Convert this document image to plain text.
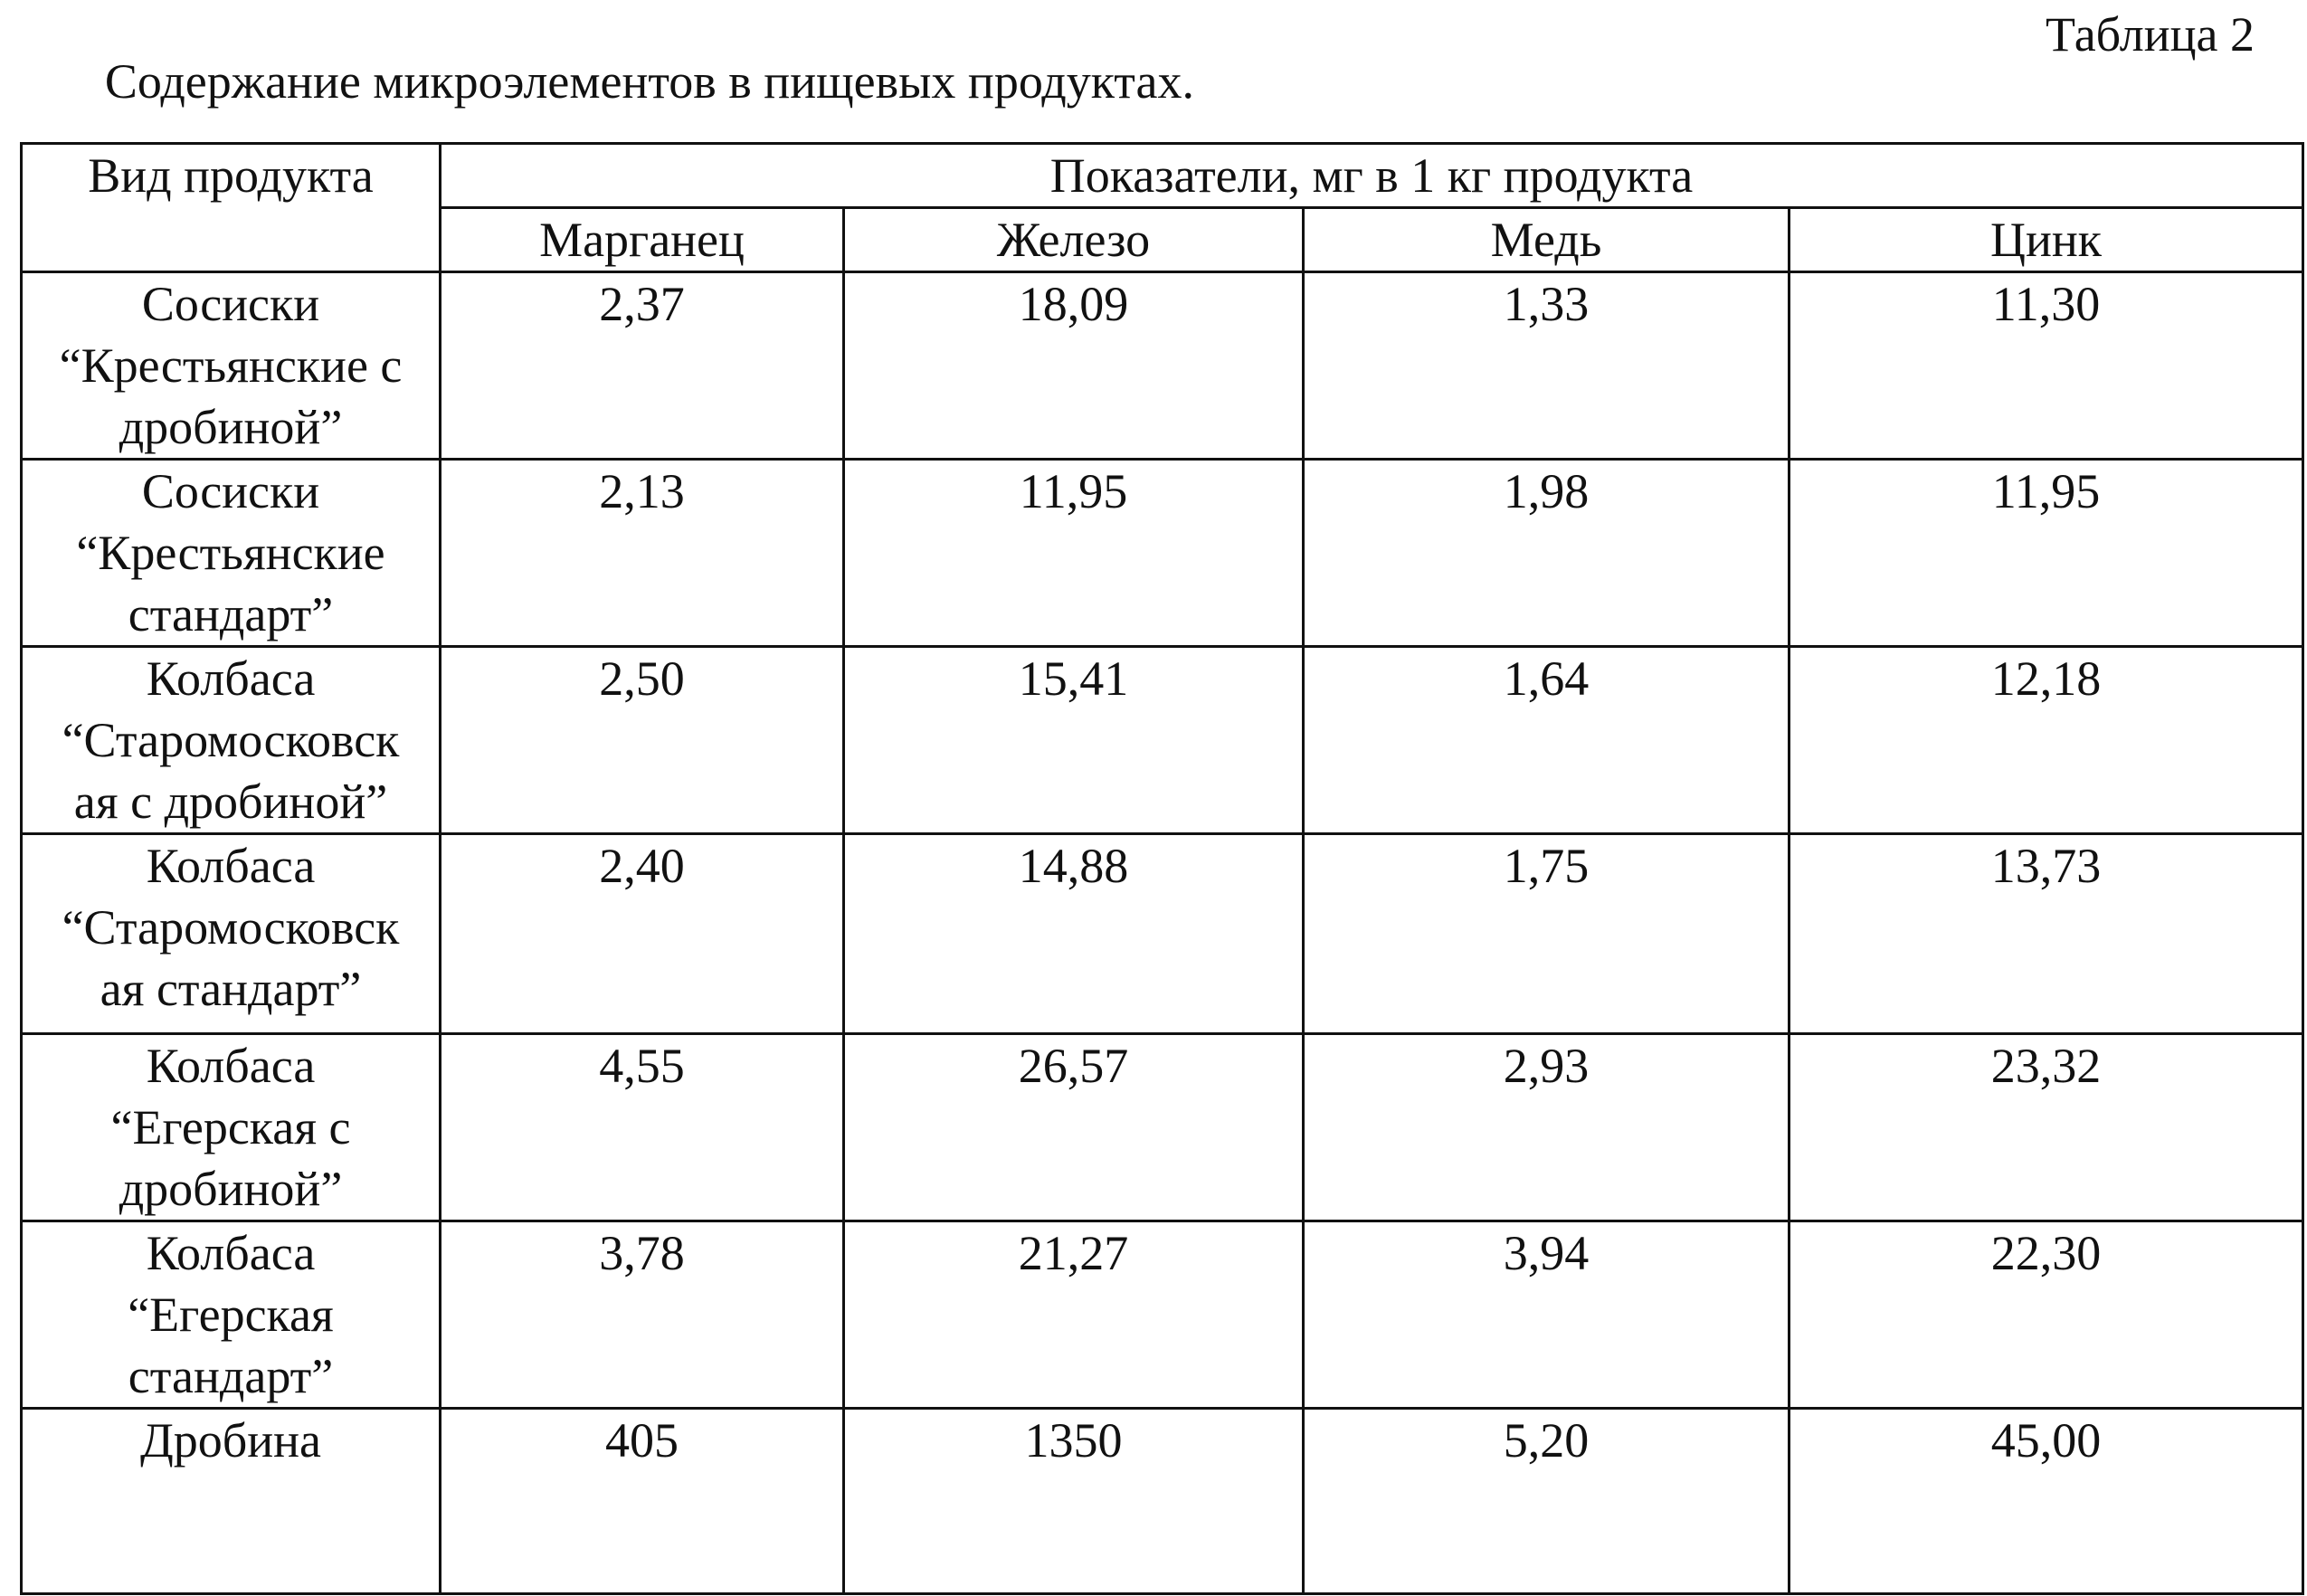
Таблица 2
Содержание микроэлементов в пищевых продуктах.
Вид продукта	Показатели, мг в 1 кг продукта			
	Марганец	Железо	Медь	Цинк

Сосиски
“Крестьянские с
дробиной”	2,37	18,09	1,33	11,30

Сосиски
“Крестьянские
стандарт”	2,13	11,95	1,98	11,95

Колбаса
“Старомосковск
ая с дробиной”	2,50	15,41	1,64	12,18

Колбаса
“Старомосковск
ая стандарт”	2,40	14,88	1,75	13,73

Колбаса
“Егерская с
дробиной”	4,55	26,57	2,93	23,32

Колбаса
“Егерская
стандарт”	3,78	21,27	3,94	22,30

Дробина	405	1350	5,20	45,00
